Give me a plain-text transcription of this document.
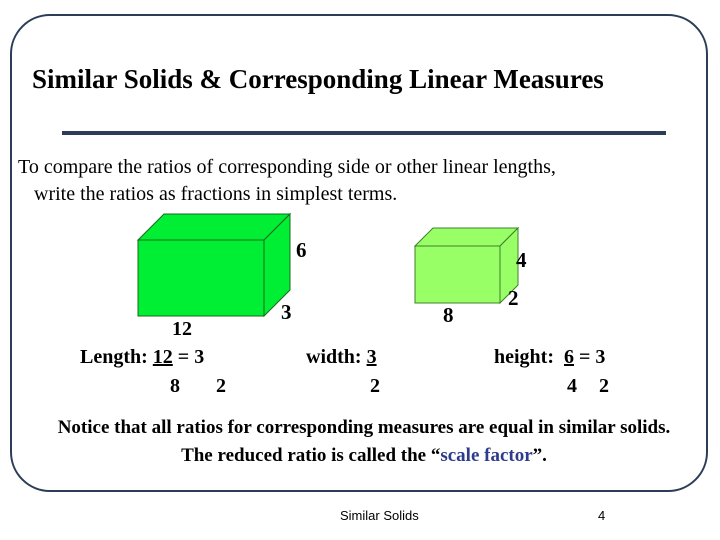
Similar Solids & Corresponding Linear Measures
To compare the ratios of corresponding side or other linear lengths,
write the ratios as fractions in simplest terms.
6
3
12
4
2
8
Length: 12 = 3
8 2
width: 3
2
height: 6 = 3
4 2
Notice that all ratios for corresponding measures are equal in similar solids. The reduced ratio is called the “scale factor”.
Similar Solids	4
